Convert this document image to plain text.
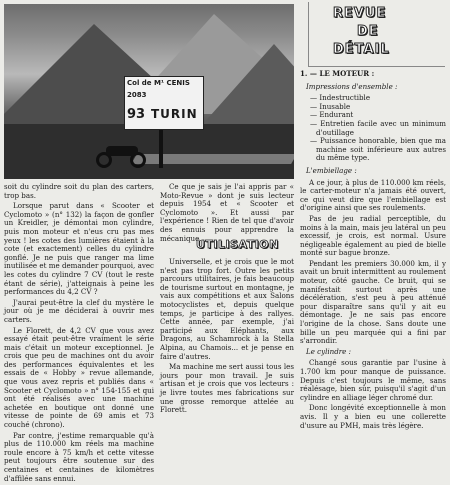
Col de M¹ CENIS
2083
93 TURIN
REVUE
DE
DÉTAIL

soit du cylindre soit du plan des carters, trop bas.

Lorsque parut dans « Scooter et Cyclomoto » (n° 132) la façon de gonfler un Kreidler, je démontai mon cylindre, puis mon moteur et n'eus cru pas mes yeux ! les cotes des lumières étaient à la cote (et exactement) celles du cylindre gonflé. Je ne puis que ranger ma lime inutilisée et me demander pourquoi, avec les cotes du cylindre 7 CV (tout le reste étant de série), j'atteignais à peine les performances du 4,2 CV ?

J'aurai peut-être la clef du mystère le jour où je me déciderai à ouvrir mes carters.

Le Florett, de 4,2 CV que vous avez essayé était peut-être vraiment le série mais c'était un moteur exceptionnel. Je crois que peu de machines ont du avoir des performances équivalentes et les essais de « Hobby » revue allemande, que vous avez repris et publiés dans « Scooter et Cyclomoto » n° 154-155 et qui ont été réalisés avec une machine achetée en boutique ont donné une vitesse de pointe de 69 amis et 73 couché (chrono).

Par contre, j'estime remarquable qu'à plus de 110.000 km réels ma machine roule encore à 75 km/h et cette vitesse peut toujours être soutenue sur des centaines et centaines de kilomètres d'affilée sans ennui.

Ce que je sais je l'ai appris par « Moto-Revue » dont je suis lecteur depuis 1954 et « Scooter et Cyclomoto ». Et aussi par l'expérience ! Rien de tel que d'avoir des ennuis pour apprendre la mécanique.

UTILISATION

Universelle, et je crois que le mot n'est pas trop fort. Outre les petits parcours utilitaires, je fais beaucoup de tourisme surtout en montagne, je vais aux compétitions et aux Salons motocyclistes et, depuis quelque temps, je participe à des rallyes. Cette année, par exemple, j'ai participé aux Eléphants, aux Dragons, au Schamrock à la Stella Alpina, au Chamois... et je pense en faire d'autres.

Ma machine me sert aussi tous les jours pour mon travail. Je suis artisan et je crois que vos lecteurs : je livre toutes mes fabrications sur une grosse remorque attelée au Florett.

1. — LE MOTEUR :

Impressions d'ensemble :

— Indestructible
— Inusable
— Endurant
— Entretien facile avec un minimum d'outillage
— Puissance honorable, bien que ma machine soit inférieure aux autres du même type.

L'embiellage :

A ce jour, à plus de 110.000 km réels, le carter-moteur n'a jamais été ouvert, ce qui veut dire que l'embiellage est d'origine ainsi que ses roulements.

Pas de jeu radial perceptible, du moins à la main, mais jeu latéral un peu excessif, je crois, est normal. Usure négligeable également au pied de bielle monté sur bague bronze.

Pendant les premiers 30.000 km, il y avait un bruit intermittent au roulement moteur, côté gauche. Ce bruit, qui se manifestait surtout après une décélération, s'est peu à peu atténué pour disparaître sans qu'il y ait eu démontage. Je ne sais pas encore l'origine de la chose. Sans doute une bille un peu marquée qui a fini par s'arrondir.

Le cylindre :

Changé sous garantie par l'usine à 1.700 km pour manque de puissance. Depuis c'est toujours le même, sans réalésage, bien sûr, puisqu'il s'agit d'un cylindre en alliage léger chromé dur.

Donc longévité exceptionnelle à mon avis. Il y a bien eu une collerette d'usure au PMH, mais très légère.
